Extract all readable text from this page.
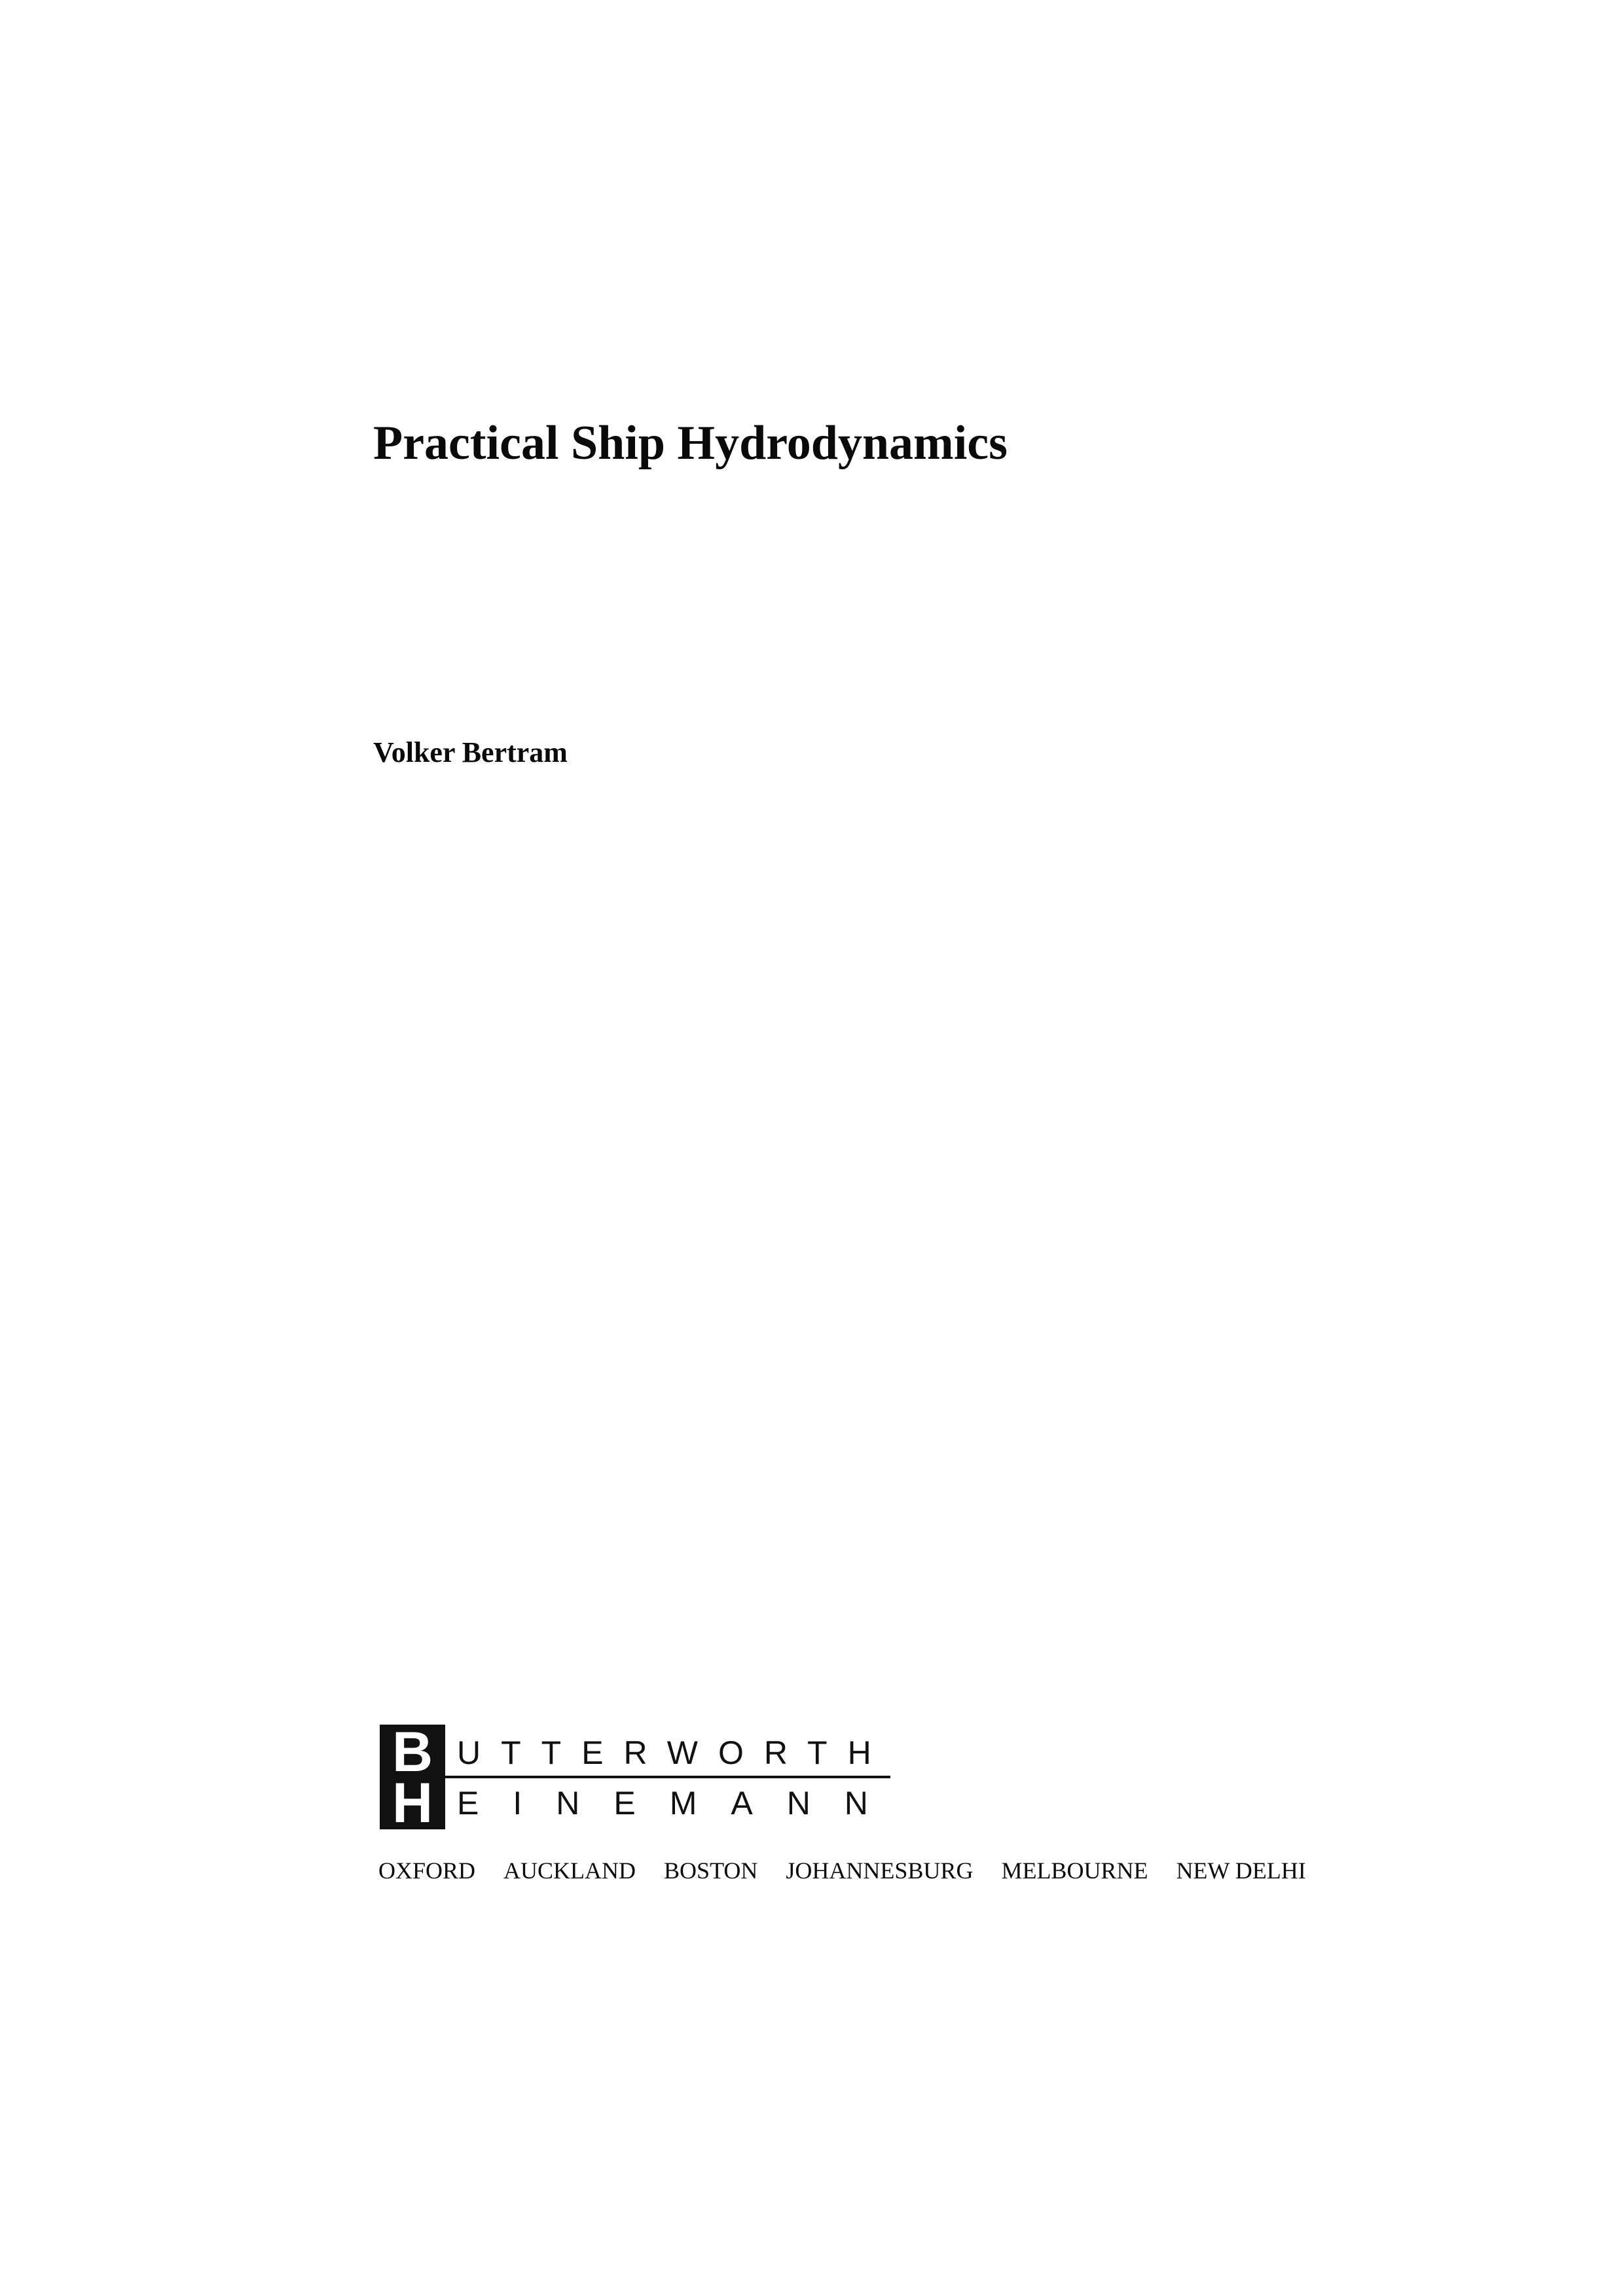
Practical Ship Hydrodynamics

Volker Bertram

B
H
UTTERWORTH
EINEMANN
OXFORD AUCKLAND BOSTON JOHANNESBURG MELBOURNE NEW DELHI
